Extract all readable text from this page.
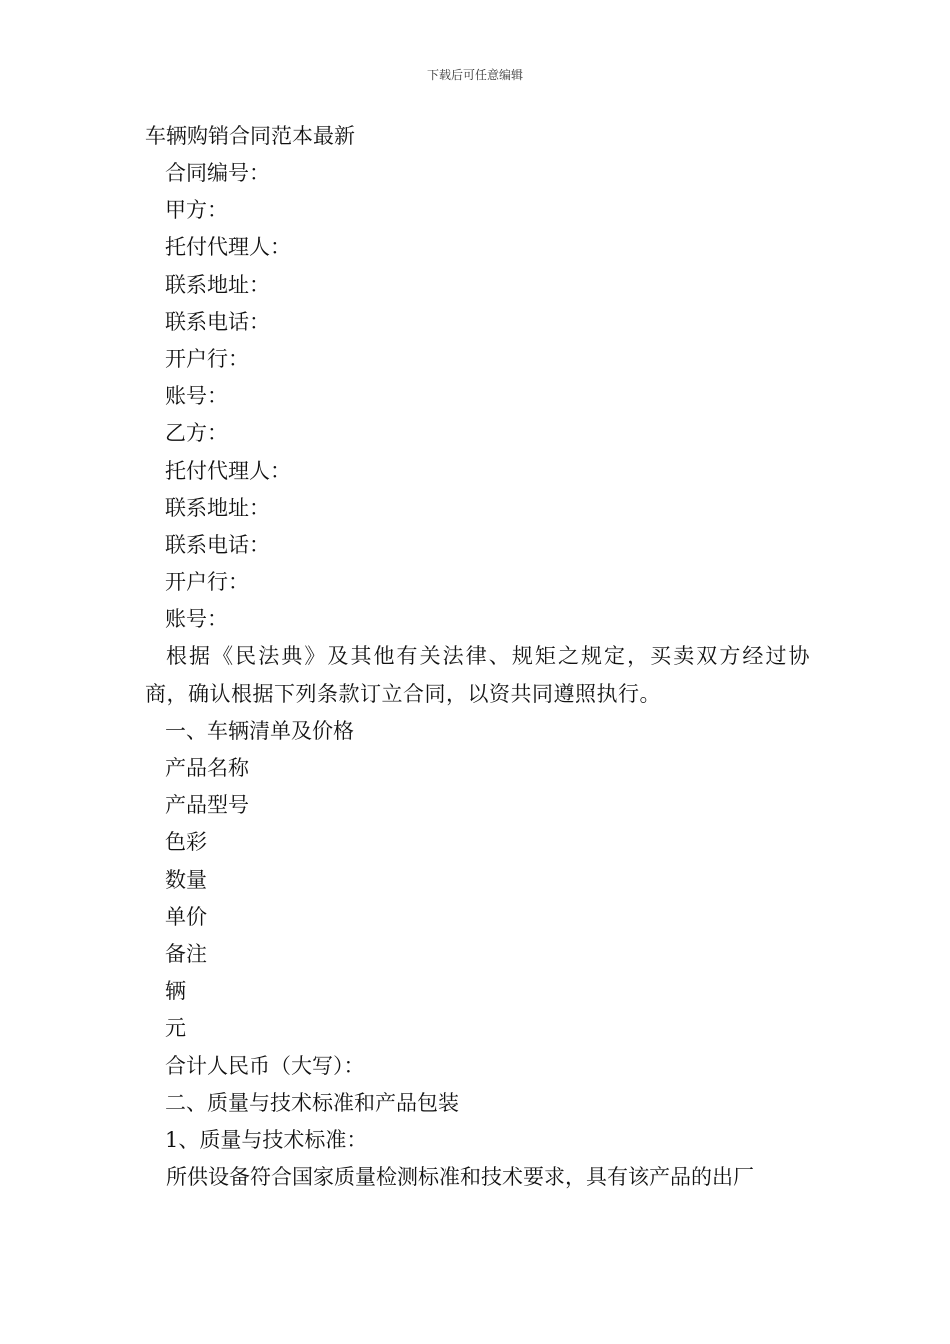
下载后可任意编辑
车辆购销合同范本最新
合同编号：
甲方：
托付代理人：
联系地址：
联系电话：
开户行：
账号：
乙方：
托付代理人：
联系地址：
联系电话：
开户行：
账号：
根据《民法典》及其他有关法律、规矩之规定，买卖双方经过协商，确认根据下列条款订立合同，以资共同遵照执行。
一、车辆清单及价格
产品名称
产品型号
色彩
数量
单价
备注
辆
元
合计人民币（大写）：
二、质量与技术标准和产品包装
1、质量与技术标准：
所供设备符合国家质量检测标准和技术要求，具有该产品的出厂
